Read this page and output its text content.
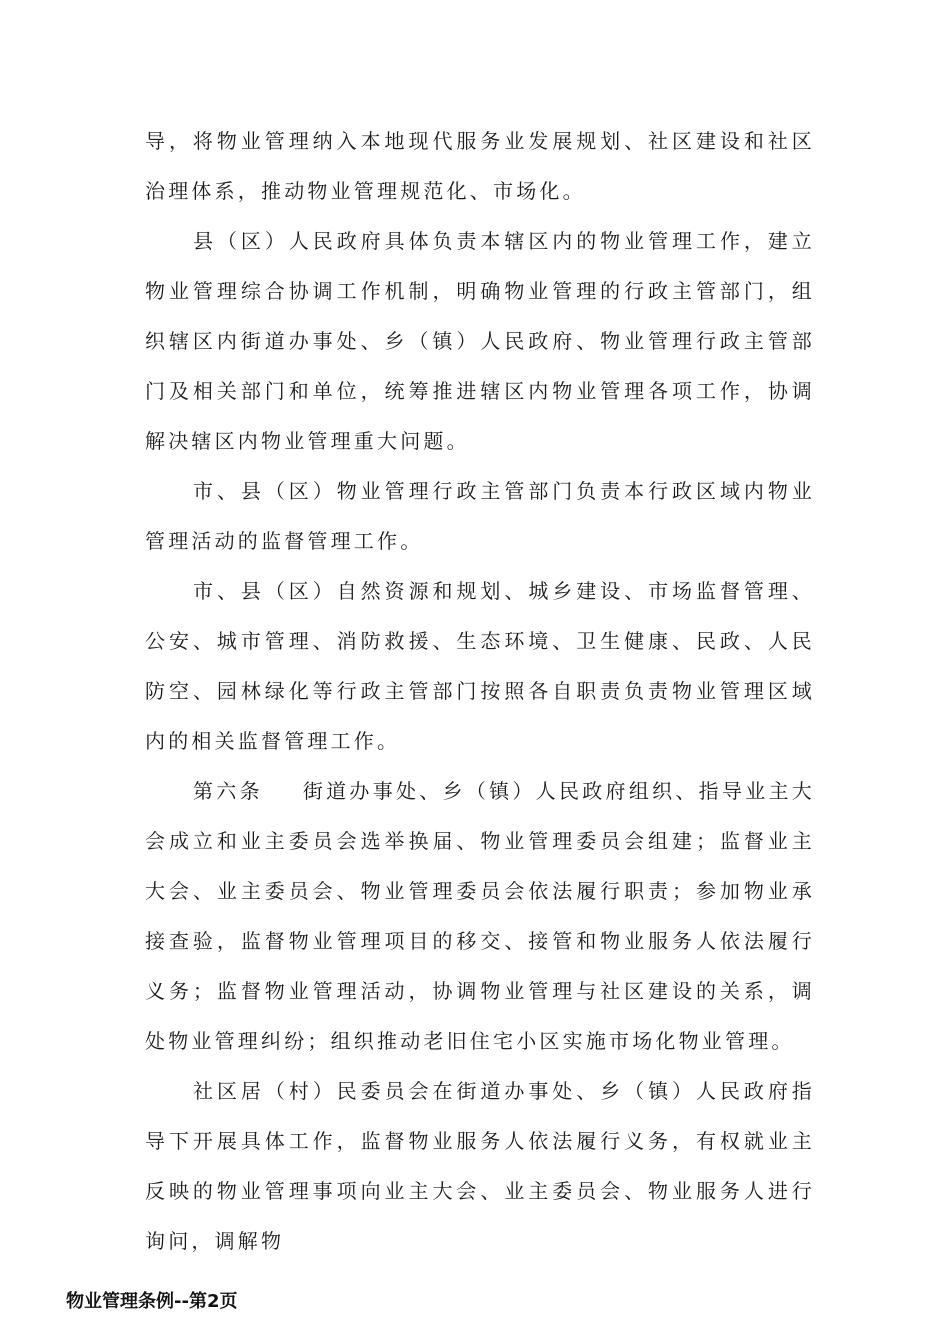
导，将物业管理纳入本地现代服务业发展规划、社区建设和社区治理体系，推动物业管理规范化、市场化。

县（区）人民政府具体负责本辖区内的物业管理工作，建立物业管理综合协调工作机制，明确物业管理的行政主管部门，组织辖区内街道办事处、乡（镇）人民政府、物业管理行政主管部门及相关部门和单位，统筹推进辖区内物业管理各项工作，协调解决辖区内物业管理重大问题。

市、县（区）物业管理行政主管部门负责本行政区域内物业管理活动的监督管理工作。

市、县（区）自然资源和规划、城乡建设、市场监督管理、公安、城市管理、消防救援、生态环境、卫生健康、民政、人民防空、园林绿化等行政主管部门按照各自职责负责物业管理区域内的相关监督管理工作。

第六条 街道办事处、乡（镇）人民政府组织、指导业主大会成立和业主委员会选举换届、物业管理委员会组建；监督业主大会、业主委员会、物业管理委员会依法履行职责；参加物业承接查验，监督物业管理项目的移交、接管和物业服务人依法履行义务；监督物业管理活动，协调物业管理与社区建设的关系，调处物业管理纠纷；组织推动老旧住宅小区实施市场化物业管理。

社区居（村）民委员会在街道办事处、乡（镇）人民政府指导下开展具体工作，监督物业服务人依法履行义务，有权就业主反映的物业管理事项向业主大会、业主委员会、物业服务人进行询问，调解物

物业管理条例--第2页
